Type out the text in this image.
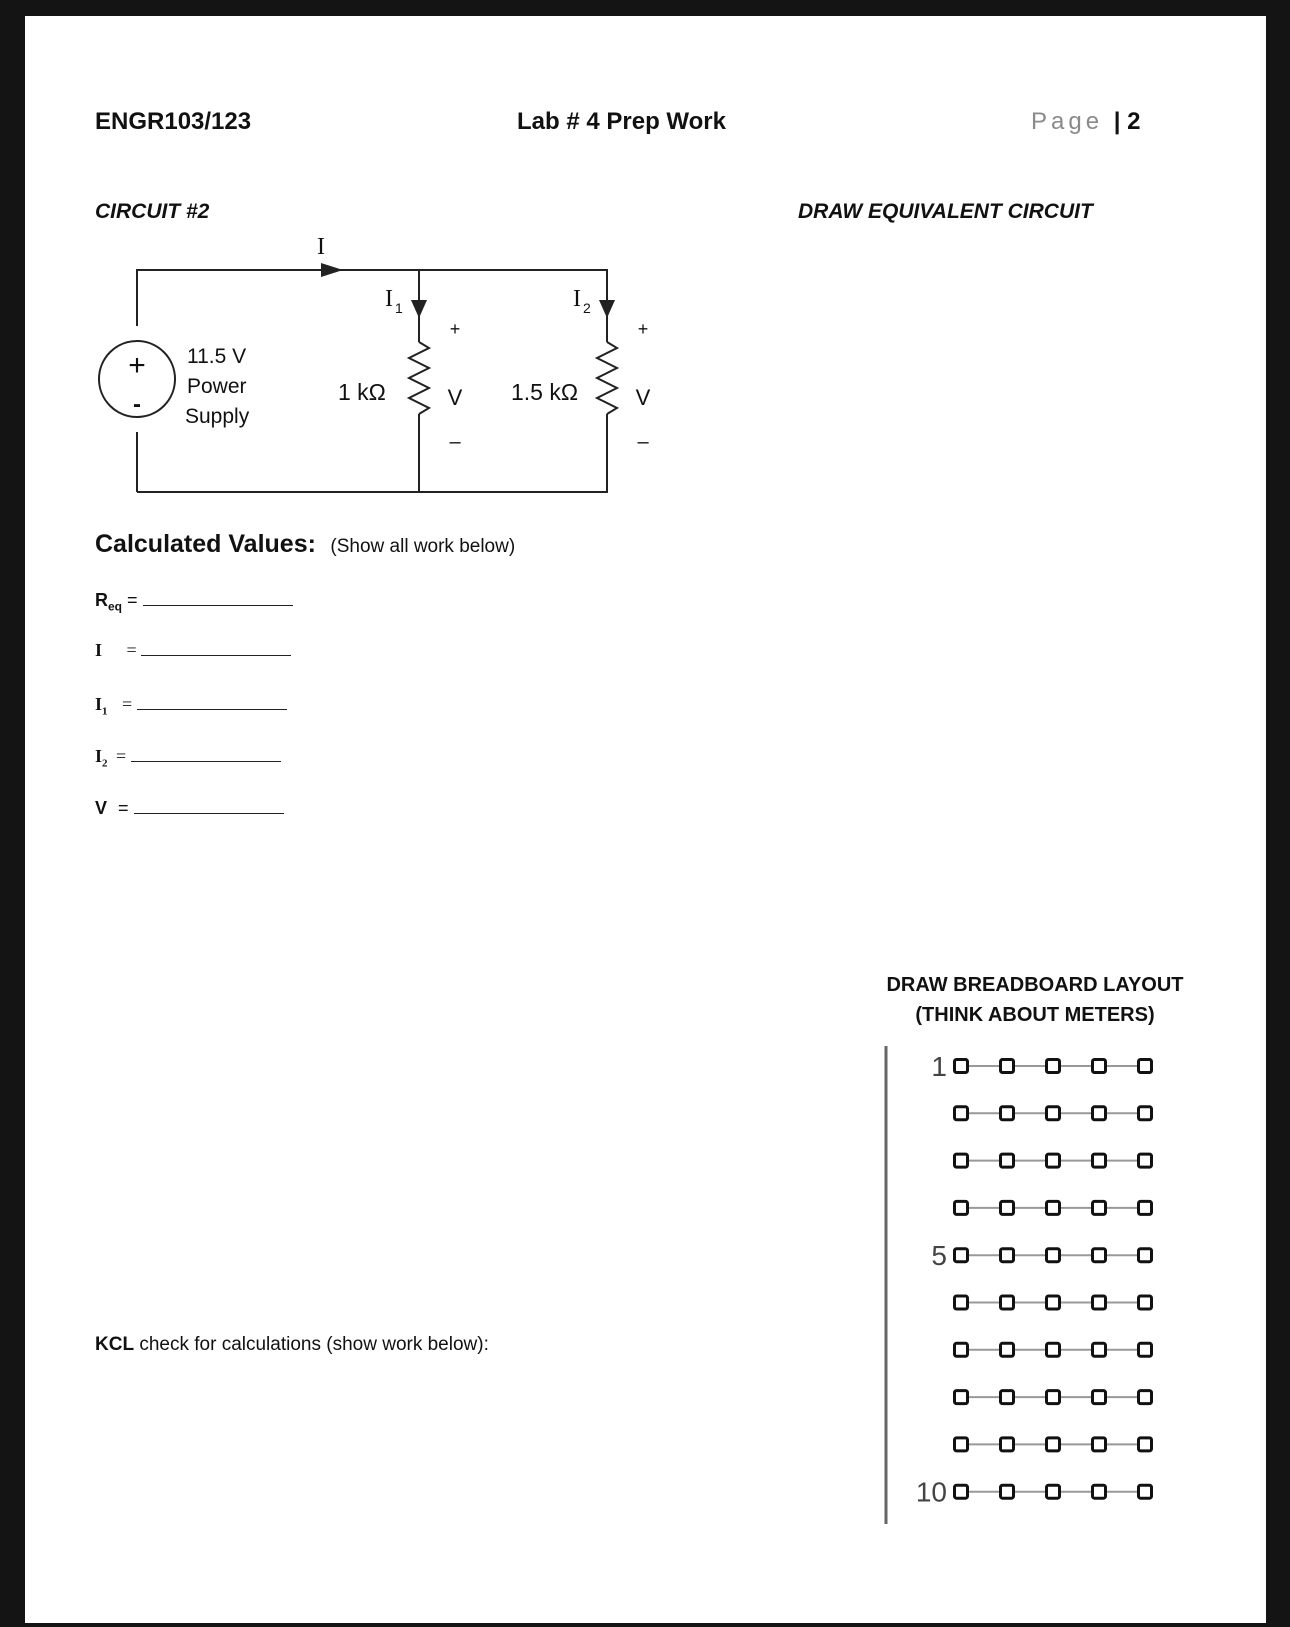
ENGR103/123	Lab # 4 Prep Work	Page | 2
CIRCUIT #2	DRAW EQUIVALENT CIRCUIT
+
-
11.5 V
Power
Supply
I
I 1	I 2
1 kΩ	1.5 kΩ
+
V
–
+
V
–
Calculated Values: (Show all work below)
$R_{eq}$ =
I =
$I_1$ =
$I_2$ =
V =
KCL check for calculations (show work below):
DRAW BREADBOARD LAYOUT
(THINK ABOUT METERS)
1
5
10
